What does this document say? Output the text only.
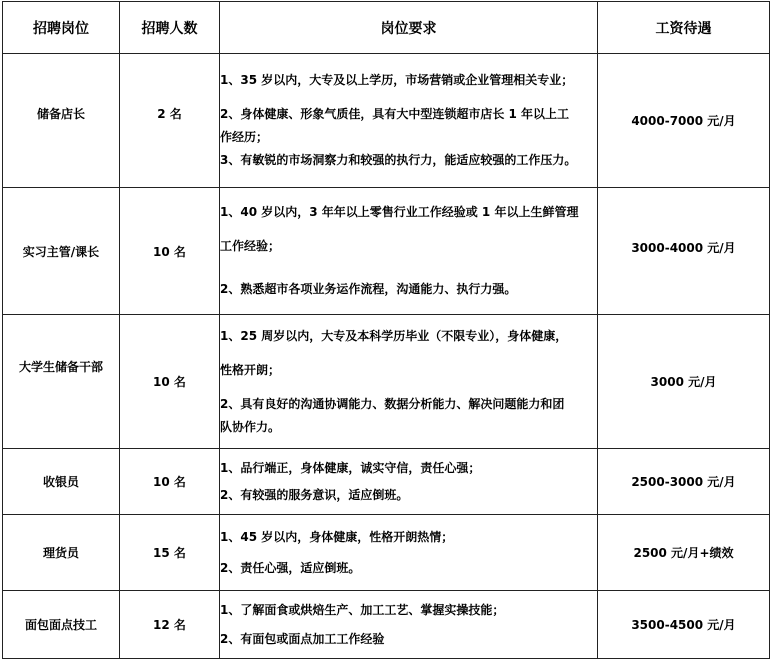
招聘岗位	招聘人数	岗位要求	工资待遇
储备店长	2 名	1、35 岁以内，大专及以上学历，市场营销或企业管理相关专业；
2、身体健康、形象气质佳，具有大中型连锁超市店长 1 年以上工
作经历；
3、有敏锐的市场洞察力和较强的执行力，能适应较强的工作压力。	4000-7000 元/月
实习主管/课长	10 名	1、40 岁以内，3 年年以上零售行业工作经验或 1 年以上生鲜管理
工作经验；
2、熟悉超市各项业务运作流程，沟通能力、执行力强。	3000-4000 元/月
大学生储备干部	10 名	1、25 周岁以内，大专及本科学历毕业（不限专业），身体健康，
性格开朗；
2、具有良好的沟通协调能力、数据分析能力、解决问题能力和团
队协作力。	3000 元/月
收银员	10 名	1、品行端正，身体健康，诚实守信，责任心强；
2、有较强的服务意识，适应倒班。	2500-3000 元/月
理货员	15 名	1、45 岁以内，身体健康，性格开朗热情；
2、责任心强，适应倒班。	2500 元/月+绩效
面包面点技工	12 名	1、了解面食或烘焙生产、加工工艺、掌握实操技能；
2、有面包或面点加工工作经验	3500-4500 元/月
